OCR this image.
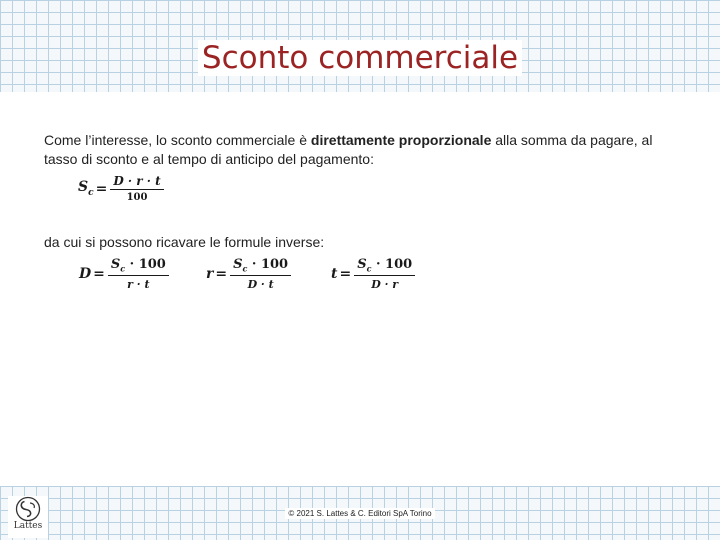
Sconto commerciale
Come l’interesse, lo sconto commerciale è direttamente proporzionale alla somma da pagare, al
tasso di sconto e al tempo di anticipo del pagamento:
$S_c = \frac{D \cdot r \cdot t}{100}$
da cui si possono ricavare le formule inverse:
$D = \frac{S_c \cdot 100}{r \cdot t}$	$r = \frac{S_c \cdot 100}{D \cdot t}$	$t = \frac{S_c \cdot 100}{D \cdot r}$
Lattes
© 2021 S. Lattes & C. Editori SpA Torino
